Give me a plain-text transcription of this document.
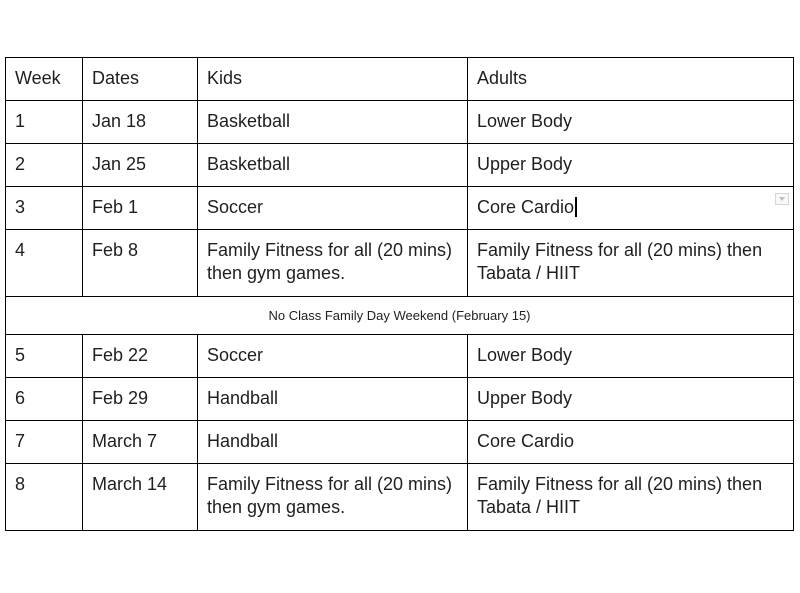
Week	Dates	Kids	Adults
1	Jan 18	Basketball	Lower Body
2	Jan 25	Basketball	Upper Body
3	Feb 1	Soccer	Core Cardio

4	Feb 8	Family Fitness for all (20 mins) then gym games.	Family Fitness for all (20 mins) then Tabata / HIIT
No Class Family Day Weekend (February 15)			
5	Feb 22	Soccer	Lower Body
6	Feb 29	Handball	Upper Body
7	March 7	Handball	Core Cardio
8	March 14	Family Fitness for all (20 mins) then gym games.	Family Fitness for all (20 mins) then Tabata / HIIT
